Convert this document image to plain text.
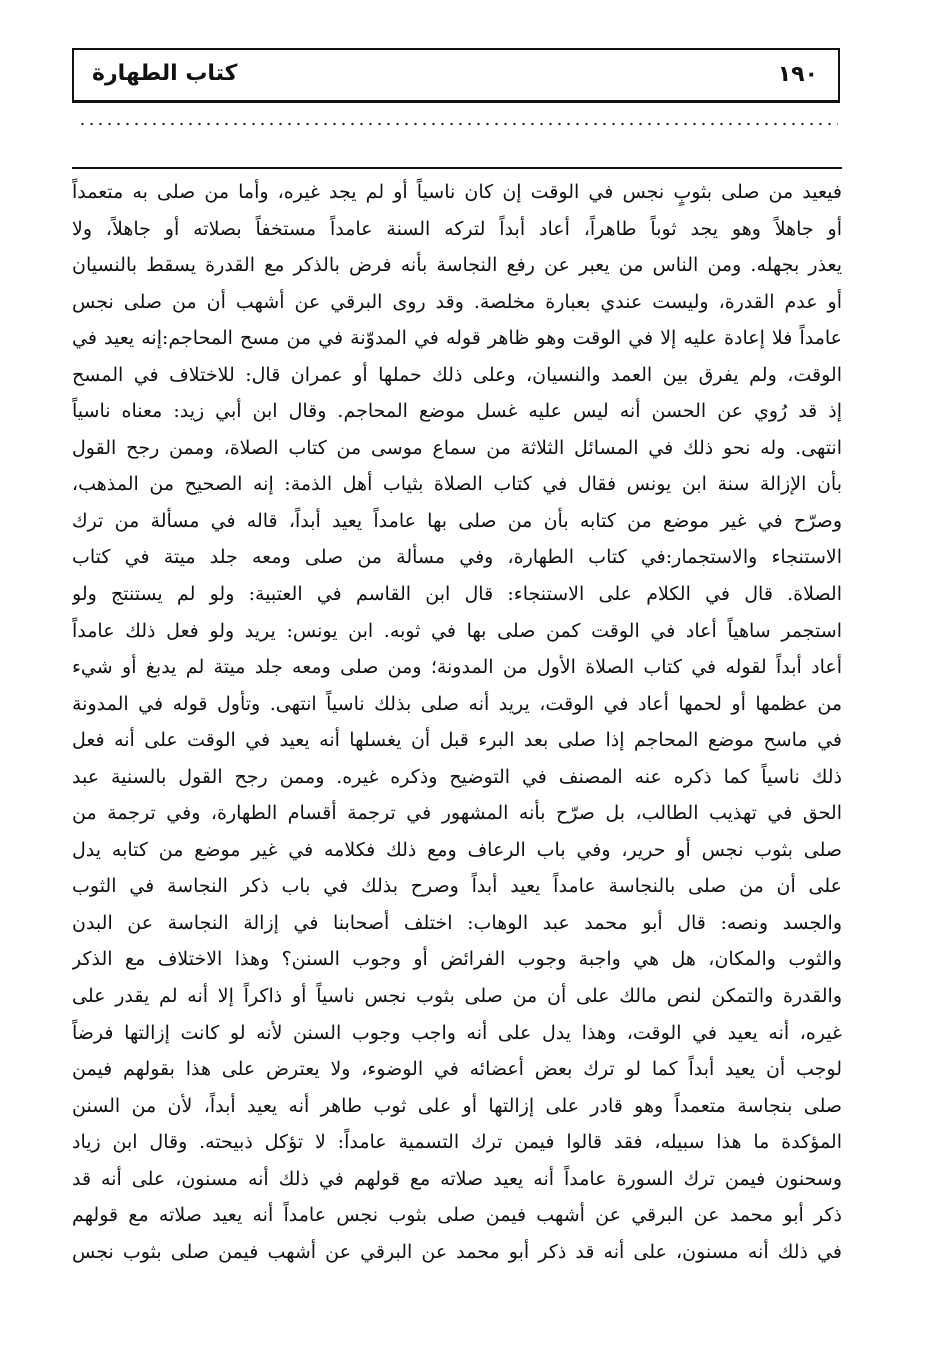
١٩٠
كتاب الطهارة
فيعيد من صلى بثوبٍ نجس في الوقت إن كان ناسياً أو لم يجد غيره، وأما من صلى به متعمداً
أو جاهلاً وهو يجد ثوباً طاهراً، أعاد أبداً لتركه السنة عامداً مستخفاً بصلاته أو جاهلاً، ولا
يعذر بجهله. ومن الناس من يعبر عن رفع النجاسة بأنه فرض بالذكر مع القدرة يسقط بالنسيان
أو عدم القدرة، وليست عندي بعبارة مخلصة. وقد روى البرقي عن أشهب أن من صلى نجس
عامداً فلا إعادة عليه إلا في الوقت وهو ظاهر قوله في المدوّنة في من مسح المحاجم:إنه يعيد في
الوقت، ولم يفرق بين العمد والنسيان، وعلى ذلك حملها أو عمران قال: للاختلاف في المسح
إذ قد رُوي عن الحسن أنه ليس عليه غسل موضع المحاجم. وقال ابن أبي زيد: معناه ناسياً
انتهى. وله نحو ذلك في المسائل الثلاثة من سماع موسى من كتاب الصلاة، وممن رجح القول
بأن الإزالة سنة ابن يونس فقال في كتاب الصلاة بثياب أهل الذمة: إنه الصحيح من المذهب،
وصرّح في غير موضع من كتابه بأن من صلى بها عامداً يعيد أبداً، قاله في مسألة من ترك
الاستنجاء والاستجمار:في كتاب الطهارة، وفي مسألة من صلى ومعه جلد ميتة في كتاب
الصلاة. قال في الكلام على الاستنجاء: قال ابن القاسم في العتبية: ولو لم يستنتج ولو
استجمر ساهياً أعاد في الوقت كمن صلى بها في ثوبه. ابن يونس: يريد ولو فعل ذلك عامداً
أعاد أبداً لقوله في كتاب الصلاة الأول من المدونة؛ ومن صلى ومعه جلد ميتة لم يدبغ أو شيء
من عظمها أو لحمها أعاد في الوقت، يريد أنه صلى بذلك ناسياً انتهى. وتأول قوله في المدونة
في ماسح موضع المحاجم إذا صلى بعد البرء قبل أن يغسلها أنه يعيد في الوقت على أنه فعل
ذلك ناسياً كما ذكره عنه المصنف في التوضيح وذكره غيره. وممن رجح القول بالسنية عبد
الحق في تهذيب الطالب، بل صرّح بأنه المشهور في ترجمة أقسام الطهارة، وفي ترجمة من
صلى بثوب نجس أو حرير، وفي باب الرعاف ومع ذلك فكلامه في غير موضع من كتابه يدل
على أن من صلى بالنجاسة عامداً يعيد أبداً وصرح بذلك في باب ذكر النجاسة في الثوب
والجسد ونصه: قال أبو محمد عبد الوهاب: اختلف أصحابنا في إزالة النجاسة عن البدن
والثوب والمكان، هل هي واجبة وجوب الفرائض أو وجوب السنن؟ وهذا الاختلاف مع الذكر
والقدرة والتمكن لنص مالك على أن من صلى بثوب نجس ناسياً أو ذاكراً إلا أنه لم يقدر على
غيره، أنه يعيد في الوقت، وهذا يدل على أنه واجب وجوب السنن لأنه لو كانت إزالتها فرضاً
لوجب أن يعيد أبداً كما لو ترك بعض أعضائه في الوضوء، ولا يعترض على هذا بقولهم فيمن
صلى بنجاسة متعمداً وهو قادر على إزالتها أو على ثوب طاهر أنه يعيد أبداً، لأن من السنن
المؤكدة ما هذا سبيله، فقد قالوا فيمن ترك التسمية عامداً: لا تؤكل ذبيحته. وقال ابن زياد
وسحنون فيمن ترك السورة عامداً أنه يعيد صلاته مع قولهم في ذلك أنه مسنون، على أنه قد
ذكر أبو محمد عن البرقي عن أشهب فيمن صلى بثوب نجس عامداً أنه يعيد صلاته مع قولهم
في ذلك أنه مسنون، على أنه قد ذكر أبو محمد عن البرقي عن أشهب فيمن صلى بثوب نجس
